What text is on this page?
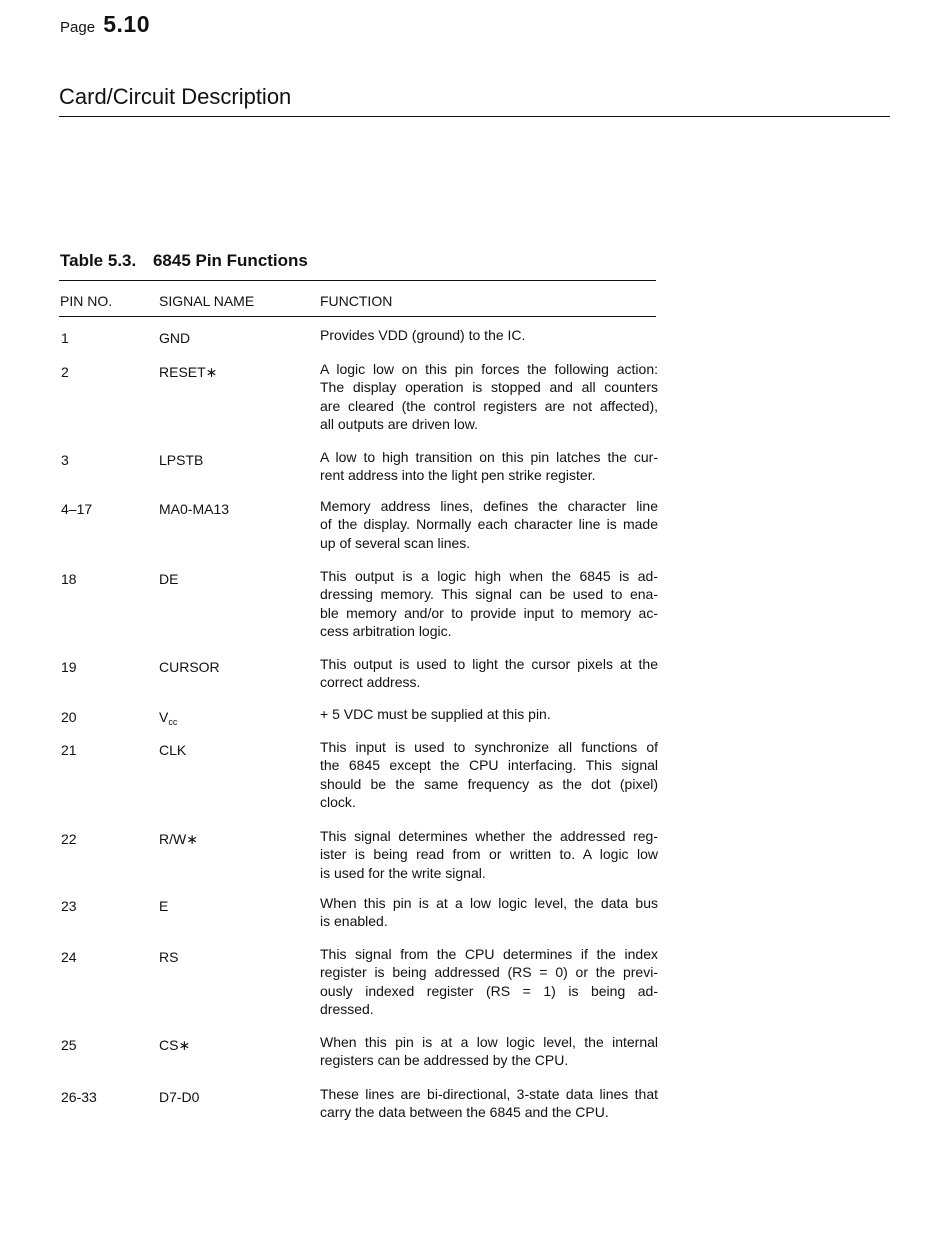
Page 5.10
Card/Circuit Description
Table 5.3. 6845 Pin Functions
PIN NO.	SIGNAL NAME	FUNCTION
1	GND	Provides VDD (ground) to the IC.
2	RESET∗	A logic low on this pin forces the following action:
The display operation is stopped and all counters
are cleared (the control registers are not affected),
all outputs are driven low.
3	LPSTB	A low to high transition on this pin latches the cur-
rent address into the light pen strike register.
4–17	MA0-MA13	Memory address lines, defines the character line
of the display. Normally each character line is made
up of several scan lines.
18	DE	This output is a logic high when the 6845 is ad-
dressing memory. This signal can be used to ena-
ble memory and/or to provide input to memory ac-
cess arbitration logic.
19	CURSOR	This output is used to light the cursor pixels at the
correct address.
20	$V_{cc}$	+ 5 VDC must be supplied at this pin.
21	CLK	This input is used to synchronize all functions of
the 6845 except the CPU interfacing. This signal
should be the same frequency as the dot (pixel)
clock.
22	R/W∗	This signal determines whether the addressed reg-
ister is being read from or written to. A logic low
is used for the write signal.
23	E	When this pin is at a low logic level, the data bus
is enabled.
24	RS	This signal from the CPU determines if the index
register is being addressed (RS = 0) or the previ-
ously indexed register (RS = 1) is being ad-
dressed.
25	CS∗	When this pin is at a low logic level, the internal
registers can be addressed by the CPU.
26-33	D7-D0	These lines are bi-directional, 3-state data lines that
carry the data between the 6845 and the CPU.
